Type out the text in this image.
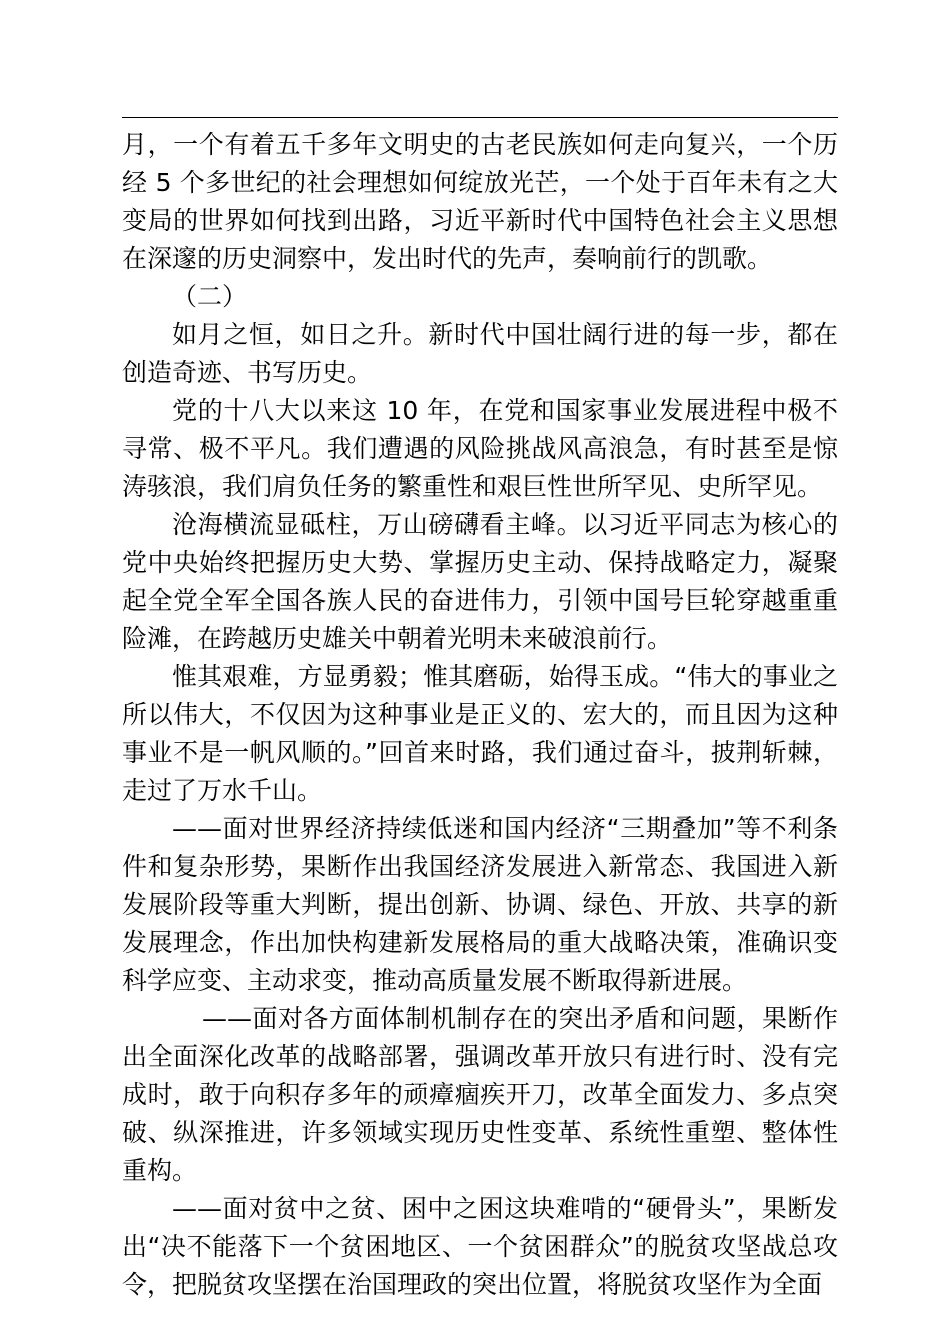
月，一个有着五千多年文明史的古老民族如何走向复兴，一个历经 5 个多世纪的社会理想如何绽放光芒，一个处于百年未有之大变局的世界如何找到出路，习近平新时代中国特色社会主义思想在深邃的历史洞察中，发出时代的先声，奏响前行的凯歌。

（二）

如月之恒，如日之升。新时代中国壮阔行进的每一步，都在创造奇迹、书写历史。

党的十八大以来这 10 年，在党和国家事业发展进程中极不寻常、极不平凡。我们遭遇的风险挑战风高浪急，有时甚至是惊涛骇浪，我们肩负任务的繁重性和艰巨性世所罕见、史所罕见。

沧海横流显砥柱，万山磅礴看主峰。以习近平同志为核心的党中央始终把握历史大势、掌握历史主动、保持战略定力，凝聚起全党全军全国各族人民的奋进伟力，引领中国号巨轮穿越重重险滩，在跨越历史雄关中朝着光明未来破浪前行。

惟其艰难，方显勇毅；惟其磨砺，始得玉成。“伟大的事业之所以伟大，不仅因为这种事业是正义的、宏大的，而且因为这种事业不是一帆风顺的。”回首来时路，我们通过奋斗，披荆斩棘，走过了万水千山。

——面对世界经济持续低迷和国内经济“三期叠加”等不利条件和复杂形势，果断作出我国经济发展进入新常态、我国进入新发展阶段等重大判断，提出创新、协调、绿色、开放、共享的新发展理念，作出加快构建新发展格局的重大战略决策，准确识变科学应变、主动求变，推动高质量发展不断取得新进展。

——面对各方面体制机制存在的突出矛盾和问题，果断作出全面深化改革的战略部署，强调改革开放只有进行时、没有完成时，敢于向积存多年的顽瘴痼疾开刀，改革全面发力、多点突破、纵深推进，许多领域实现历史性变革、系统性重塑、整体性重构。

——面对贫中之贫、困中之困这块难啃的“硬骨头”，果断发出“决不能落下一个贫困地区、一个贫困群众”的脱贫攻坚战总攻令，把脱贫攻坚摆在治国理政的突出位置，将脱贫攻坚作为全面
